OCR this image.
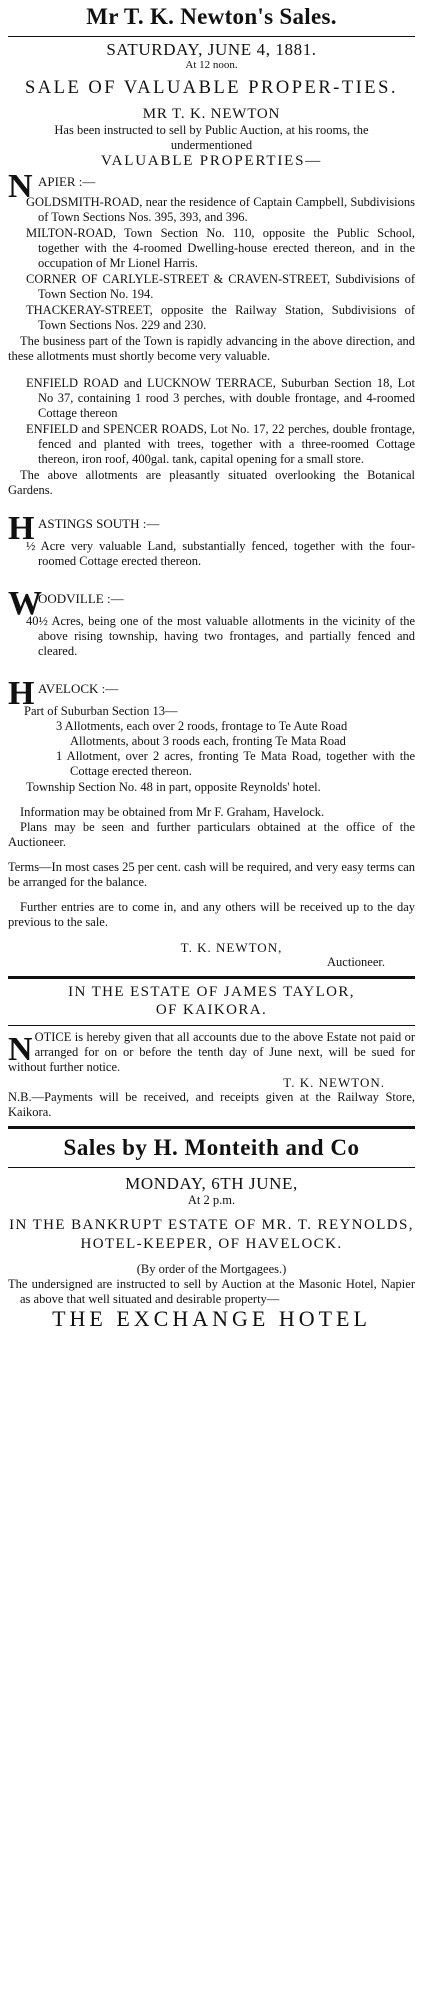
Mr T. K. Newton's Sales.
SATURDAY, JUNE 4, 1881.
At 12 noon.
SALE OF VALUABLE PROPER-TIES.
MR T. K. NEWTON
Has been instructed to sell by Public Auction, at his rooms, the undermentioned
VALUABLE PROPERTIES—
N APIER :—
GOLDSMITH-ROAD, near the residence of Captain Campbell, Subdivisions of Town Sections Nos. 395, 393, and 396.
MILTON-ROAD, Town Section No. 110, opposite the Public School, together with the 4-roomed Dwelling-house erected thereon, and in the occupation of Mr Lionel Harris.
CORNER OF CARLYLE-STREET & CRAVEN-STREET, Subdivisions of Town Section No. 194.
THACKERAY-STREET, opposite the Railway Station, Subdivisions of Town Sections Nos. 229 and 230.
The business part of the Town is rapidly advancing in the above direction, and these allotments must shortly become very valuable.
ENFIELD ROAD and LUCKNOW TERRACE, Suburban Section 18, Lot No 37, containing 1 rood 3 perches, with double frontage, and 4-roomed Cottage thereon
ENFIELD and SPENCER ROADS, Lot No. 17, 22 perches, double frontage, fenced and planted with trees, together with a three-roomed Cottage thereon, iron roof, 400gal. tank, capital opening for a small store.
The above allotments are pleasantly situated overlooking the Botanical Gardens.
H ASTINGS SOUTH :—
½ Acre very valuable Land, substantially fenced, together with the four-roomed Cottage erected thereon.
W
OODVILLE :—
40½ Acres, being one of the most valuable allotments in the vicinity of the above rising township, having two frontages, and partially fenced and cleared.
H AVELOCK :—
Part of Suburban Section 13—
3 Allotments, each over 2 roods, frontage to Te Aute Road
Allotments, about 3 roods each, fronting Te Mata Road
1 Allotment, over 2 acres, fronting Te Mata Road, together with the Cottage erected thereon.
Township Section No. 48 in part, opposite Reynolds' hotel.
Information may be obtained from Mr F. Graham, Havelock.
Plans may be seen and further particulars obtained at the office of the Auctioneer.
Terms—In most cases 25 per cent. cash will be required, and very easy terms can be arranged for the balance.
Further entries are to come in, and any others will be received up to the day previous to the sale.
T. K. NEWTON,
Auctioneer.
IN THE ESTATE OF JAMES TAYLOR,
OF KAIKORA.
N OTICE is hereby given that all accounts due to the above Estate not paid or arranged for on or before the tenth day of June next, will be sued for without further notice.
T. K. NEWTON.
N.B.—Payments will be received, and receipts given at the Railway Store, Kaikora.
Sales by H. Monteith and Co
MONDAY, 6TH JUNE,
At 2 p.m.
IN THE BANKRUPT ESTATE OF MR. T. REYNOLDS, HOTEL-KEEPER, OF HAVELOCK.
(By order of the Mortgagees.)
The undersigned are instructed to sell by Auction at the Masonic Hotel, Napier as above that well situated and desirable property—
THE EXCHANGE HOTEL
